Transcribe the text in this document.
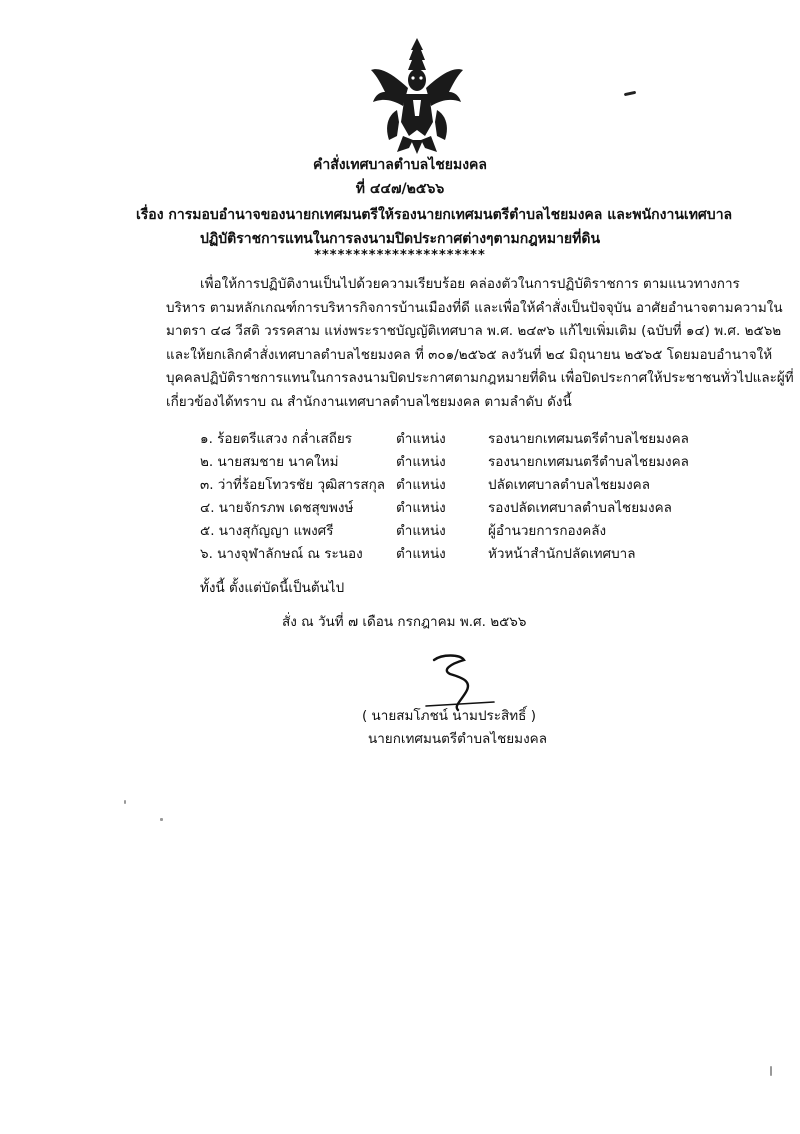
คำสั่งเทศบาลตำบลไชยมงคล
ที่ ๔๔๗/๒๕๖๖
เรื่อง การมอบอำนาจของนายกเทศมนตรีให้รองนายกเทศมนตรีตำบลไชยมงคล และพนักงานเทศบาล
ปฏิบัติราชการแทนในการลงนามปิดประกาศต่างๆตามกฎหมายที่ดิน
**********************
เพื่อให้การปฏิบัติงานเป็นไปด้วยความเรียบร้อย คล่องตัวในการปฏิบัติราชการ ตามแนวทางการ
บริหาร ตามหลักเกณฑ์การบริหารกิจการบ้านเมืองที่ดี และเพื่อให้คำสั่งเป็นปัจจุบัน อาศัยอำนาจตามความใน
มาตรา ๔๘ วีสติ วรรคสาม แห่งพระราชบัญญัติเทศบาล พ.ศ. ๒๔๙๖ แก้ไขเพิ่มเติม (ฉบับที่ ๑๔) พ.ศ. ๒๕๖๒
และให้ยกเลิกคำสั่งเทศบาลตำบลไชยมงคล ที่ ๓๐๑/๒๕๖๕ ลงวันที่ ๒๔ มิถุนายน ๒๕๖๕ โดยมอบอำนาจให้
บุคคลปฏิบัติราชการแทนในการลงนามปิดประกาศตามกฎหมายที่ดิน เพื่อปิดประกาศให้ประชาชนทั่วไปและผู้ที่
เกี่ยวข้องได้ทราบ ณ สำนักงานเทศบาลตำบลไชยมงคล ตามลำดับ ดังนี้
๑. ร้อยตรีแสวง กล่ำเสถียร	ตำแหน่ง	รองนายกเทศมนตรีตำบลไชยมงคล
๒. นายสมชาย นาคใหม่	ตำแหน่ง	รองนายกเทศมนตรีตำบลไชยมงคล
๓. ว่าที่ร้อยโทวรชัย วุฒิสารสกุล ตำแหน่ง	ปลัดเทศบาลตำบลไชยมงคล
๔. นายจักรภพ เดชสุขพงษ์	ตำแหน่ง	รองปลัดเทศบาลตำบลไชยมงคล
๕. นางสุกัญญา แพงศรี	ตำแหน่ง	ผู้อำนวยการกองคลัง
๖. นางจุฬาลักษณ์ ณ ระนอง ตำแหน่ง	หัวหน้าสำนักปลัดเทศบาล
ทั้งนี้ ตั้งแต่บัดนี้เป็นต้นไป
สั่ง ณ วันที่ ๗ เดือน กรกฎาคม พ.ศ. ๒๕๖๖
( นายสมโภชน์ นามประสิทธิ์ )
นายกเทศมนตรีตำบลไชยมงคล
